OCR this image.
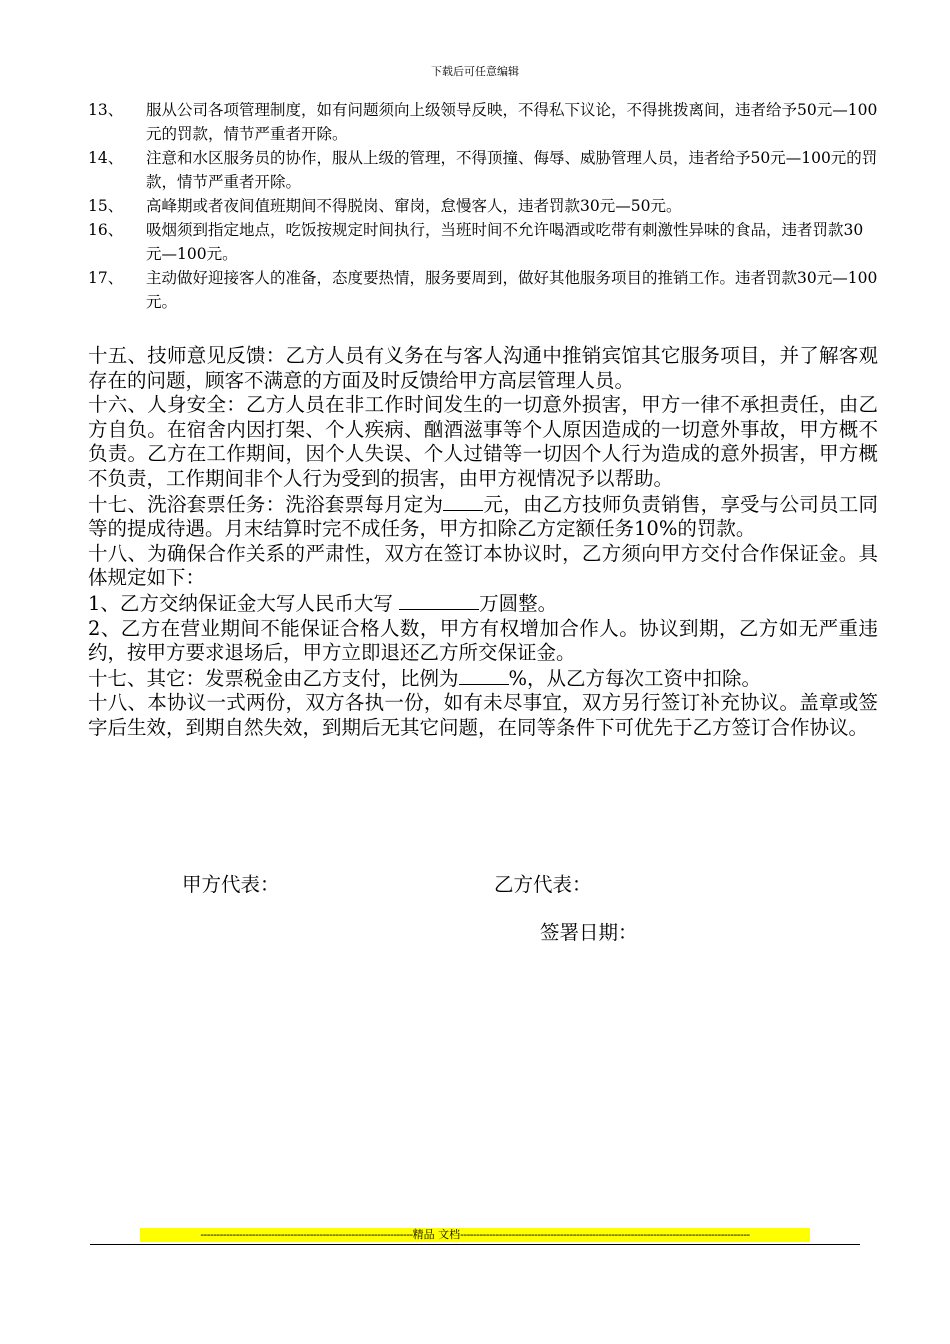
下载后可任意编辑

13、 服从公司各项管理制度，如有问题须向上级领导反映，不得私下议论，不得挑拨离间，违者给予50元—100元的罚款，情节严重者开除。

14、 注意和水区服务员的协作，服从上级的管理，不得顶撞、侮辱、威胁管理人员，违者给予50元—100元的罚款，情节严重者开除。

15、 高峰期或者夜间值班期间不得脱岗、窜岗，怠慢客人，违者罚款30元—50元。

16、 吸烟须到指定地点，吃饭按规定时间执行，当班时间不允许喝酒或吃带有刺激性异味的食品，违者罚款30元—100元。

17、 主动做好迎接客人的准备，态度要热情，服务要周到，做好其他服务项目的推销工作。违者罚款30元—100元。

十五、技师意见反馈：乙方人员有义务在与客人沟通中推销宾馆其它服务项目，并了解客观存在的问题，顾客不满意的方面及时反馈给甲方高层管理人员。

十六、人身安全：乙方人员在非工作时间发生的一切意外损害，甲方一律不承担责任，由乙方自负。在宿舍内因打架、个人疾病、酗酒滋事等个人原因造成的一切意外事故，甲方概不负责。乙方在工作期间，因个人失误、个人过错等一切因个人行为造成的意外损害，甲方概不负责，工作期间非个人行为受到的损害，由甲方视情况予以帮助。

十七、洗浴套票任务：洗浴套票每月定为 元，由乙方技师负责销售，享受与公司员工同等的提成待遇。月末结算时完不成任务，甲方扣除乙方定额任务10%的罚款。

十八、为确保合作关系的严肃性，双方在签订本协议时，乙方须向甲方交付合作保证金。具体规定如下：

1、乙方交纳保证金大写人民币大写	万圆整。

2、乙方在营业期间不能保证合格人数，甲方有权增加合作人。协议到期，乙方如无严重违约，按甲方要求退场后，甲方立即退还乙方所交保证金。

十七、其它：发票税金由乙方支付，比例为	%，从乙方每次工资中扣除。

十八、本协议一式两份，双方各执一份，如有未尽事宜，双方另行签订补充协议。盖章或签字后生效，到期自然失效，到期后无其它问题，在同等条件下可优先于乙方签订合作协议。

甲方代表：	乙方代表：
签署日期：
------------------------------------------------------------------精品 文档------------------------------------------------------------------------------------------
